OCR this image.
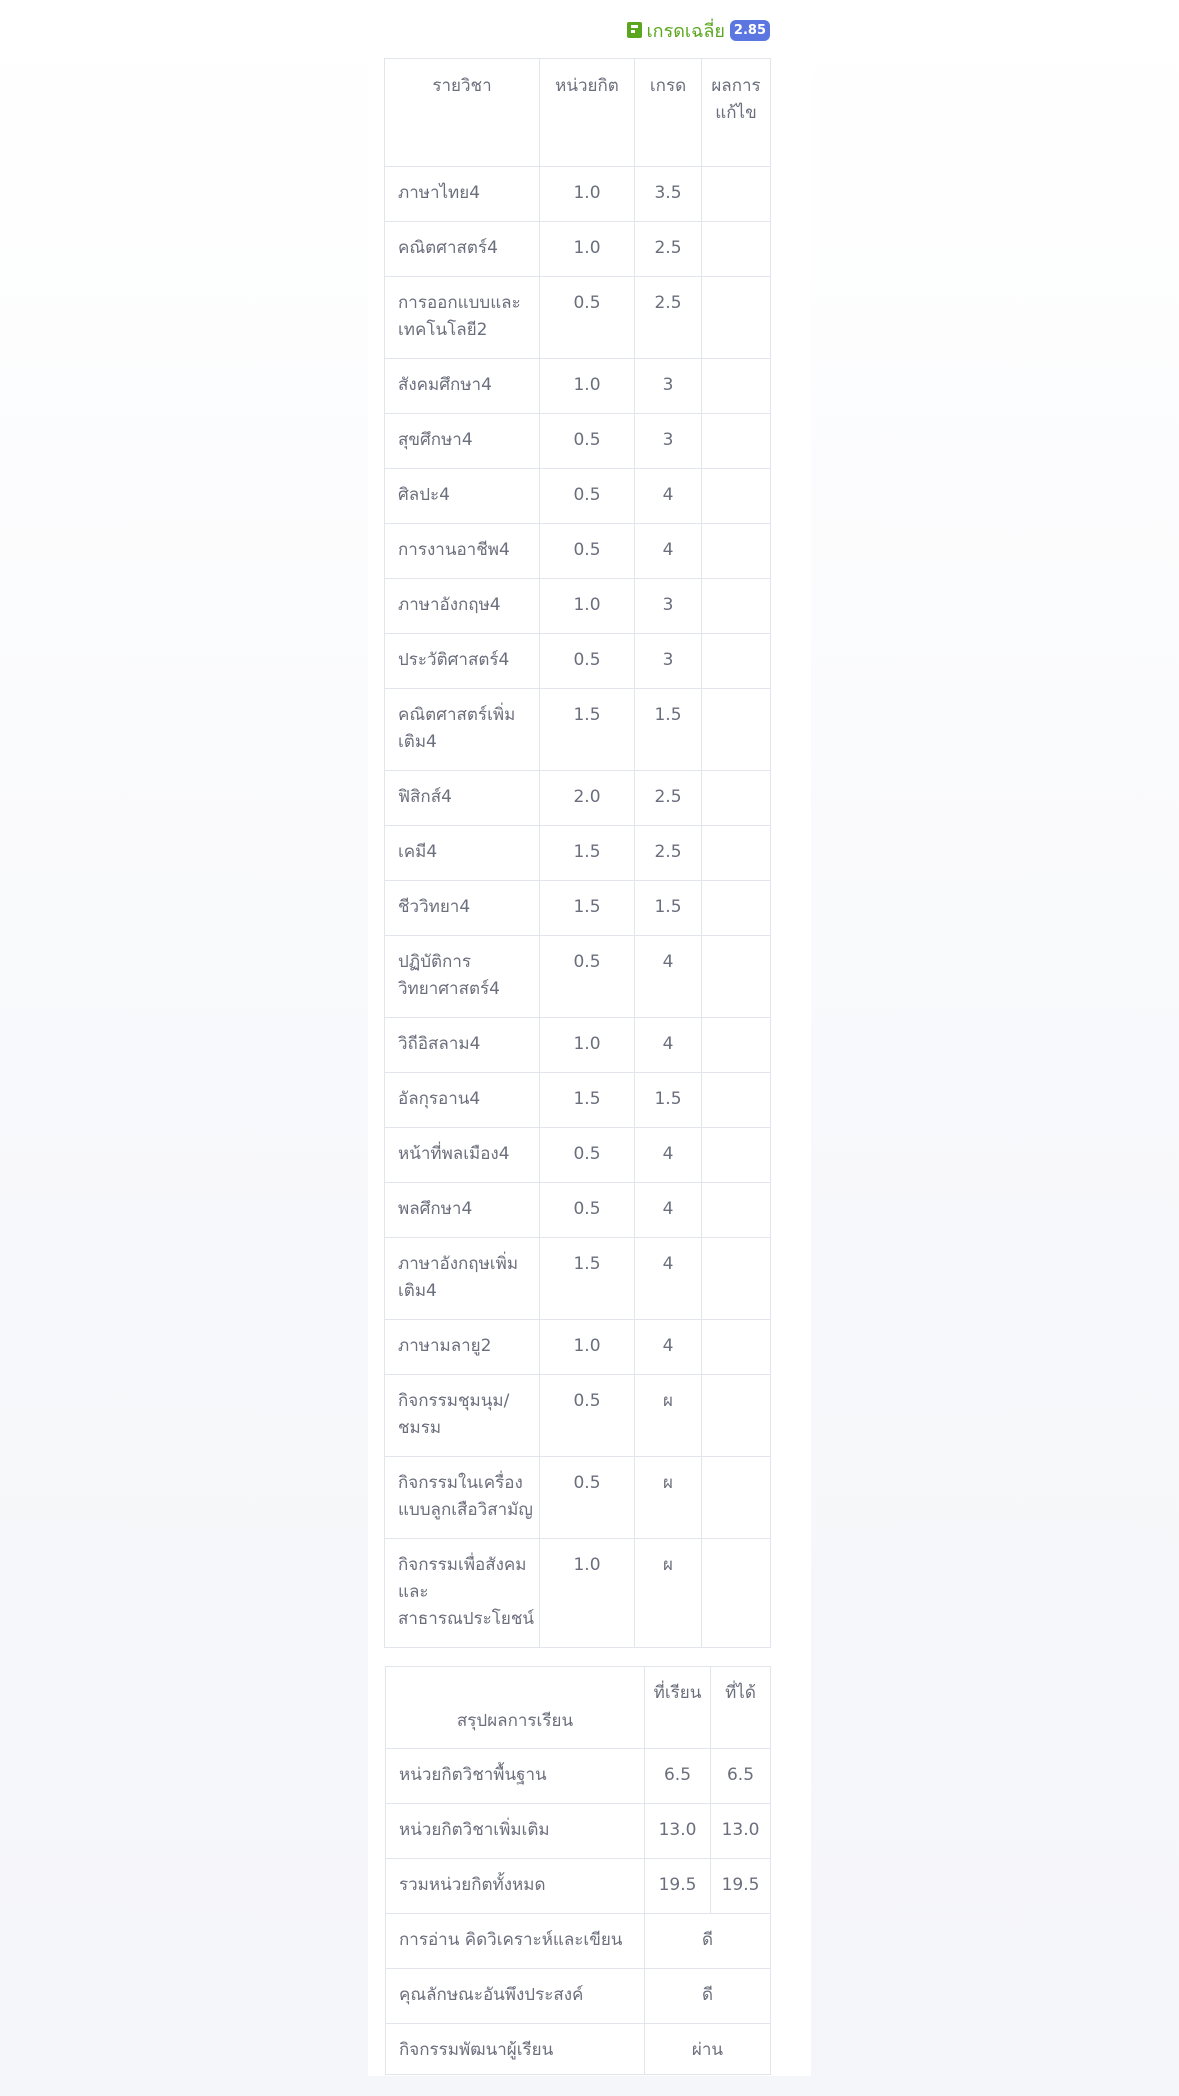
เกรดเฉลี่ย 2.85
รายวิชา	หน่วยกิต	เกรด	ผลการแก้ไข
ภาษาไทย4	1.0	3.5	
คณิตศาสตร์4	1.0	2.5	
การออกแบบและเทคโนโลยี2	0.5	2.5	
สังคมศึกษา4	1.0	3	
สุขศึกษา4	0.5	3	
ศิลปะ4	0.5	4	
การงานอาชีพ4	0.5	4	
ภาษาอังกฤษ4	1.0	3	
ประวัติศาสตร์4	0.5	3	
คณิตศาสตร์เพิ่มเติม4	1.5	1.5	
ฟิสิกส์4	2.0	2.5	
เคมี4	1.5	2.5	
ชีววิทยา4	1.5	1.5	
ปฏิบัติการวิทยาศาสตร์4	0.5	4	
วิถีอิสลาม4	1.0	4	
อัลกุรอาน4	1.5	1.5	
หน้าที่พลเมือง4	0.5	4	
พลศึกษา4	0.5	4	
ภาษาอังกฤษเพิ่มเติม4	1.5	4	
ภาษามลายู2	1.0	4	
กิจกรรมชุมนุม/ชมรม	0.5	ผ	
กิจกรรมในเครื่องแบบลูกเสือวิสามัญ	0.5	ผ	
กิจกรรมเพื่อสังคมและสาธารณประโยชน์	1.0	ผ	
สรุปผลการเรียน	ที่เรียน	ที่ได้
หน่วยกิตวิชาพื้นฐาน	6.5	6.5
หน่วยกิตวิชาเพิ่มเติม	13.0	13.0
รวมหน่วยกิตทั้งหมด	19.5	19.5
การอ่าน คิดวิเคราะห์และเขียน	ดี	
คุณลักษณะอันพึงประสงค์	ดี	
กิจกรรมพัฒนาผู้เรียน	ผ่าน	
